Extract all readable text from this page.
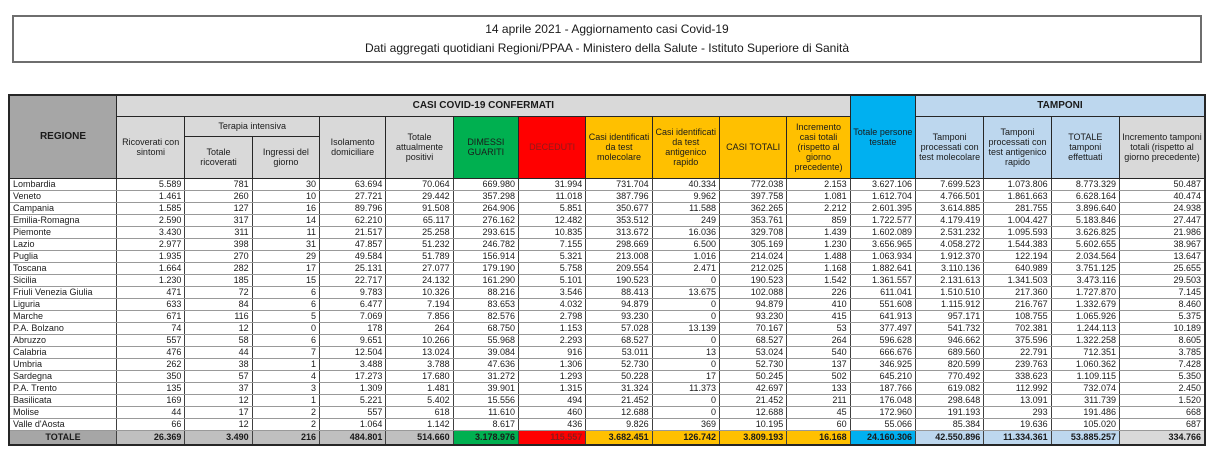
14 aprile 2021 - Aggiornamento casi Covid-19
Dati aggregati quotidiani Regioni/PPAA - Ministero della Salute - Istituto Superiore di Sanità
REGIONE	CASI COVID-19 CONFERMATI											Totale persone testate	TAMPONI			
	Ricoverati con sintomi	Terapia intensiva		Isolamento domiciliare	Totale attualmente positivi	DIMESSI GUARITI	DECEDUTI	Casi identificati da test molecolare	Casi identificati da test antigenico rapido	CASI TOTALI	Incremento casi totali (rispetto al giorno precedente)		Tamponi processati con test molecolare	Tamponi processati con test antigenico rapido	TOTALE tamponi effettuati	Incremento tamponi totali (rispetto al giorno precedente)
		Totale ricoverati	Ingressi del giorno													
Lombardia	5.589	781	30	63.694	70.064	669.980	31.994	731.704	40.334	772.038	2.153	3.627.106	7.699.523	1.073.806	8.773.329	50.487
Veneto	1.461	260	10	27.721	29.442	357.298	11.018	387.796	9.962	397.758	1.081	1.612.704	4.766.501	1.861.663	6.628.164	40.474
Campania	1.585	127	16	89.796	91.508	264.906	5.851	350.677	11.588	362.265	2.212	2.601.395	3.614.885	281.755	3.896.640	24.938
Emilia-Romagna	2.590	317	14	62.210	65.117	276.162	12.482	353.512	249	353.761	859	1.722.577	4.179.419	1.004.427	5.183.846	27.447
Piemonte	3.430	311	11	21.517	25.258	293.615	10.835	313.672	16.036	329.708	1.439	1.602.089	2.531.232	1.095.593	3.626.825	21.986
Lazio	2.977	398	31	47.857	51.232	246.782	7.155	298.669	6.500	305.169	1.230	3.656.965	4.058.272	1.544.383	5.602.655	38.967
Puglia	1.935	270	29	49.584	51.789	156.914	5.321	213.008	1.016	214.024	1.488	1.063.934	1.912.370	122.194	2.034.564	13.647
Toscana	1.664	282	17	25.131	27.077	179.190	5.758	209.554	2.471	212.025	1.168	1.882.641	3.110.136	640.989	3.751.125	25.655
Sicilia	1.230	185	15	22.717	24.132	161.290	5.101	190.523	0	190.523	1.542	1.361.557	2.131.613	1.341.503	3.473.116	29.503
Friuli Venezia Giulia	471	72	6	9.783	10.326	88.216	3.546	88.413	13.675	102.088	226	611.041	1.510.510	217.360	1.727.870	7.145
Liguria	633	84	6	6.477	7.194	83.653	4.032	94.879	0	94.879	410	551.608	1.115.912	216.767	1.332.679	8.460
Marche	671	116	5	7.069	7.856	82.576	2.798	93.230	0	93.230	415	641.913	957.171	108.755	1.065.926	5.375
P.A. Bolzano	74	12	0	178	264	68.750	1.153	57.028	13.139	70.167	53	377.497	541.732	702.381	1.244.113	10.189
Abruzzo	557	58	6	9.651	10.266	55.968	2.293	68.527	0	68.527	264	596.628	946.662	375.596	1.322.258	8.605
Calabria	476	44	7	12.504	13.024	39.084	916	53.011	13	53.024	540	666.676	689.560	22.791	712.351	3.785
Umbria	262	38	1	3.488	3.788	47.636	1.306	52.730	0	52.730	137	346.925	820.599	239.763	1.060.362	7.428
Sardegna	350	57	4	17.273	17.680	31.272	1.293	50.228	17	50.245	502	645.210	770.492	338.623	1.109.115	5.350
P.A. Trento	135	37	3	1.309	1.481	39.901	1.315	31.324	11.373	42.697	133	187.766	619.082	112.992	732.074	2.450
Basilicata	169	12	1	5.221	5.402	15.556	494	21.452	0	21.452	211	176.048	298.648	13.091	311.739	1.520
Molise	44	17	2	557	618	11.610	460	12.688	0	12.688	45	172.960	191.193	293	191.486	668
Valle d'Aosta	66	12	2	1.064	1.142	8.617	436	9.826	369	10.195	60	55.066	85.384	19.636	105.020	687
TOTALE	26.369	3.490	216	484.801	514.660	3.178.976	115.557	3.682.451	126.742	3.809.193	16.168	24.160.306	42.550.896	11.334.361	53.885.257	334.766
